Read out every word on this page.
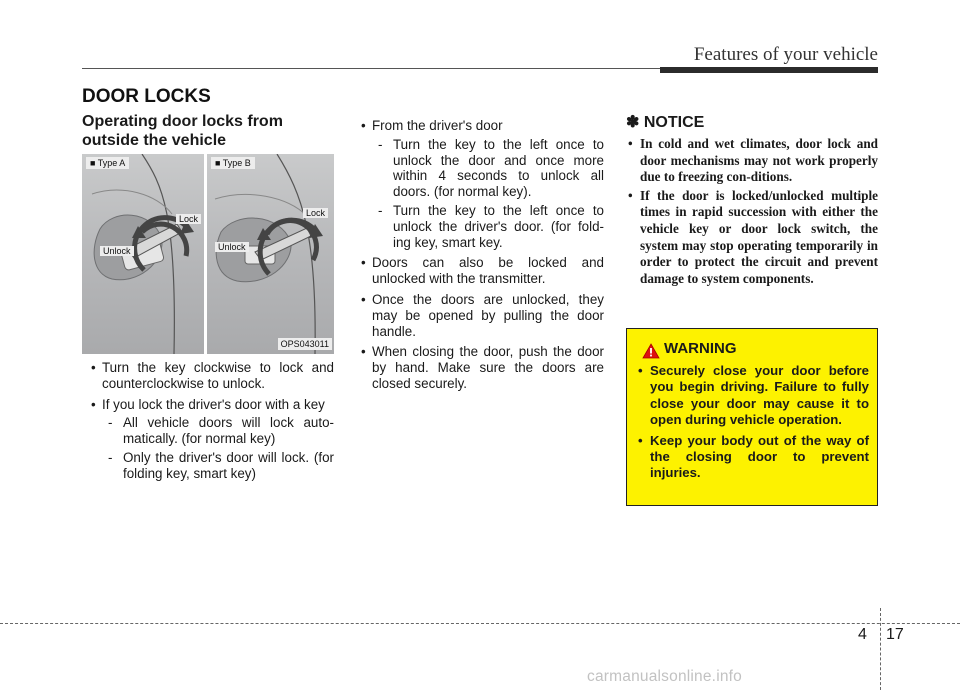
Features of your vehicle
DOOR LOCKS
Operating door locks from outside the vehicle
■ Type A
Lock
Unlock
■ Type B
Lock
Unlock
OPS043011
• Turn the key clockwise to lock and counterclockwise to unlock.
• If you lock the driver's door with a key
- All vehicle doors will lock auto-matically. (for normal key)
- Only the driver's door will lock. (for folding key, smart key)
• From the driver's door
- Turn the key to the left once to unlock the door and once more within 4 seconds to unlock all doors. (for normal key).
- Turn the key to the left once to unlock the driver's door. (for fold-ing key, smart key.
• Doors can also be locked and unlocked with the transmitter.
• Once the doors are unlocked, they may be opened by pulling the door handle.
• When closing the door, push the door by hand. Make sure the doors are closed securely.
✽ NOTICE
• In cold and wet climates, door lock and door mechanisms may not work properly due to freezing con-ditions.
• If the door is locked/unlocked multiple times in rapid succession with either the vehicle key or door lock switch, the system may stop operating temporarily in order to protect the circuit and prevent damage to system components.
WARNING
• Securely close your door before you begin driving. Failure to fully close your door may cause it to open during vehicle operation.
• Keep your body out of the way of the closing door to prevent injuries.
4 17
carmanualsonline.info
